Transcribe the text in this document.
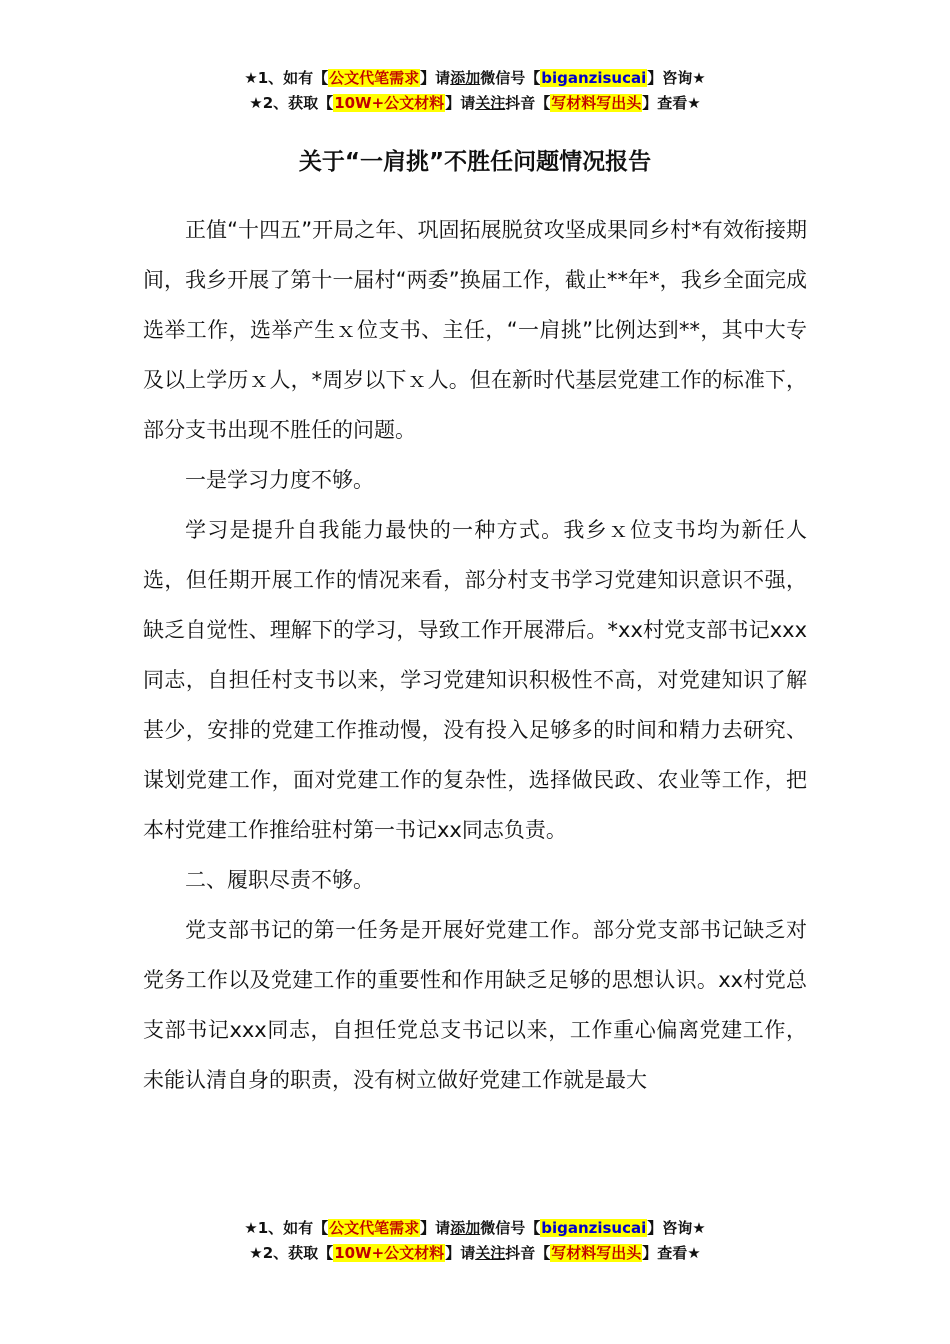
★1、如有【公文代笔需求】请添加微信号【biganzisucai】咨询★
★2、获取【10W+公文材料】请关注抖音【写材料写出头】查看★
关于“一肩挑”不胜任问题情况报告

正值“十四五”开局之年、巩固拓展脱贫攻坚成果同乡村*有效衔接期间，我乡开展了第十一届村“两委”换届工作，截止**年*，我乡全面完成选举工作，选举产生ｘ位支书、主任，“一肩挑”比例达到**，其中大专及以上学历ｘ人，*周岁以下ｘ人。但在新时代基层党建工作的标准下，部分支书出现不胜任的问题。

一是学习力度不够。

学习是提升自我能力最快的一种方式。我乡ｘ位支书均为新任人选，但任期开展工作的情况来看，部分村支书学习党建知识意识不强，缺乏自觉性、理解下的学习，导致工作开展滞后。*xx村党支部书记xxx同志，自担任村支书以来，学习党建知识积极性不高，对党建知识了解甚少，安排的党建工作推动慢，没有投入足够多的时间和精力去研究、谋划党建工作，面对党建工作的复杂性，选择做民政、农业等工作，把本村党建工作推给驻村第一书记xx同志负责。

二、履职尽责不够。

党支部书记的第一任务是开展好党建工作。部分党支部书记缺乏对党务工作以及党建工作的重要性和作用缺乏足够的思想认识。xx村党总支部书记xxx同志，自担任党总支书记以来，工作重心偏离党建工作，未能认清自身的职责，没有树立做好党建工作就是最大

★1、如有【公文代笔需求】请添加微信号【biganzisucai】咨询★
★2、获取【10W+公文材料】请关注抖音【写材料写出头】查看★
